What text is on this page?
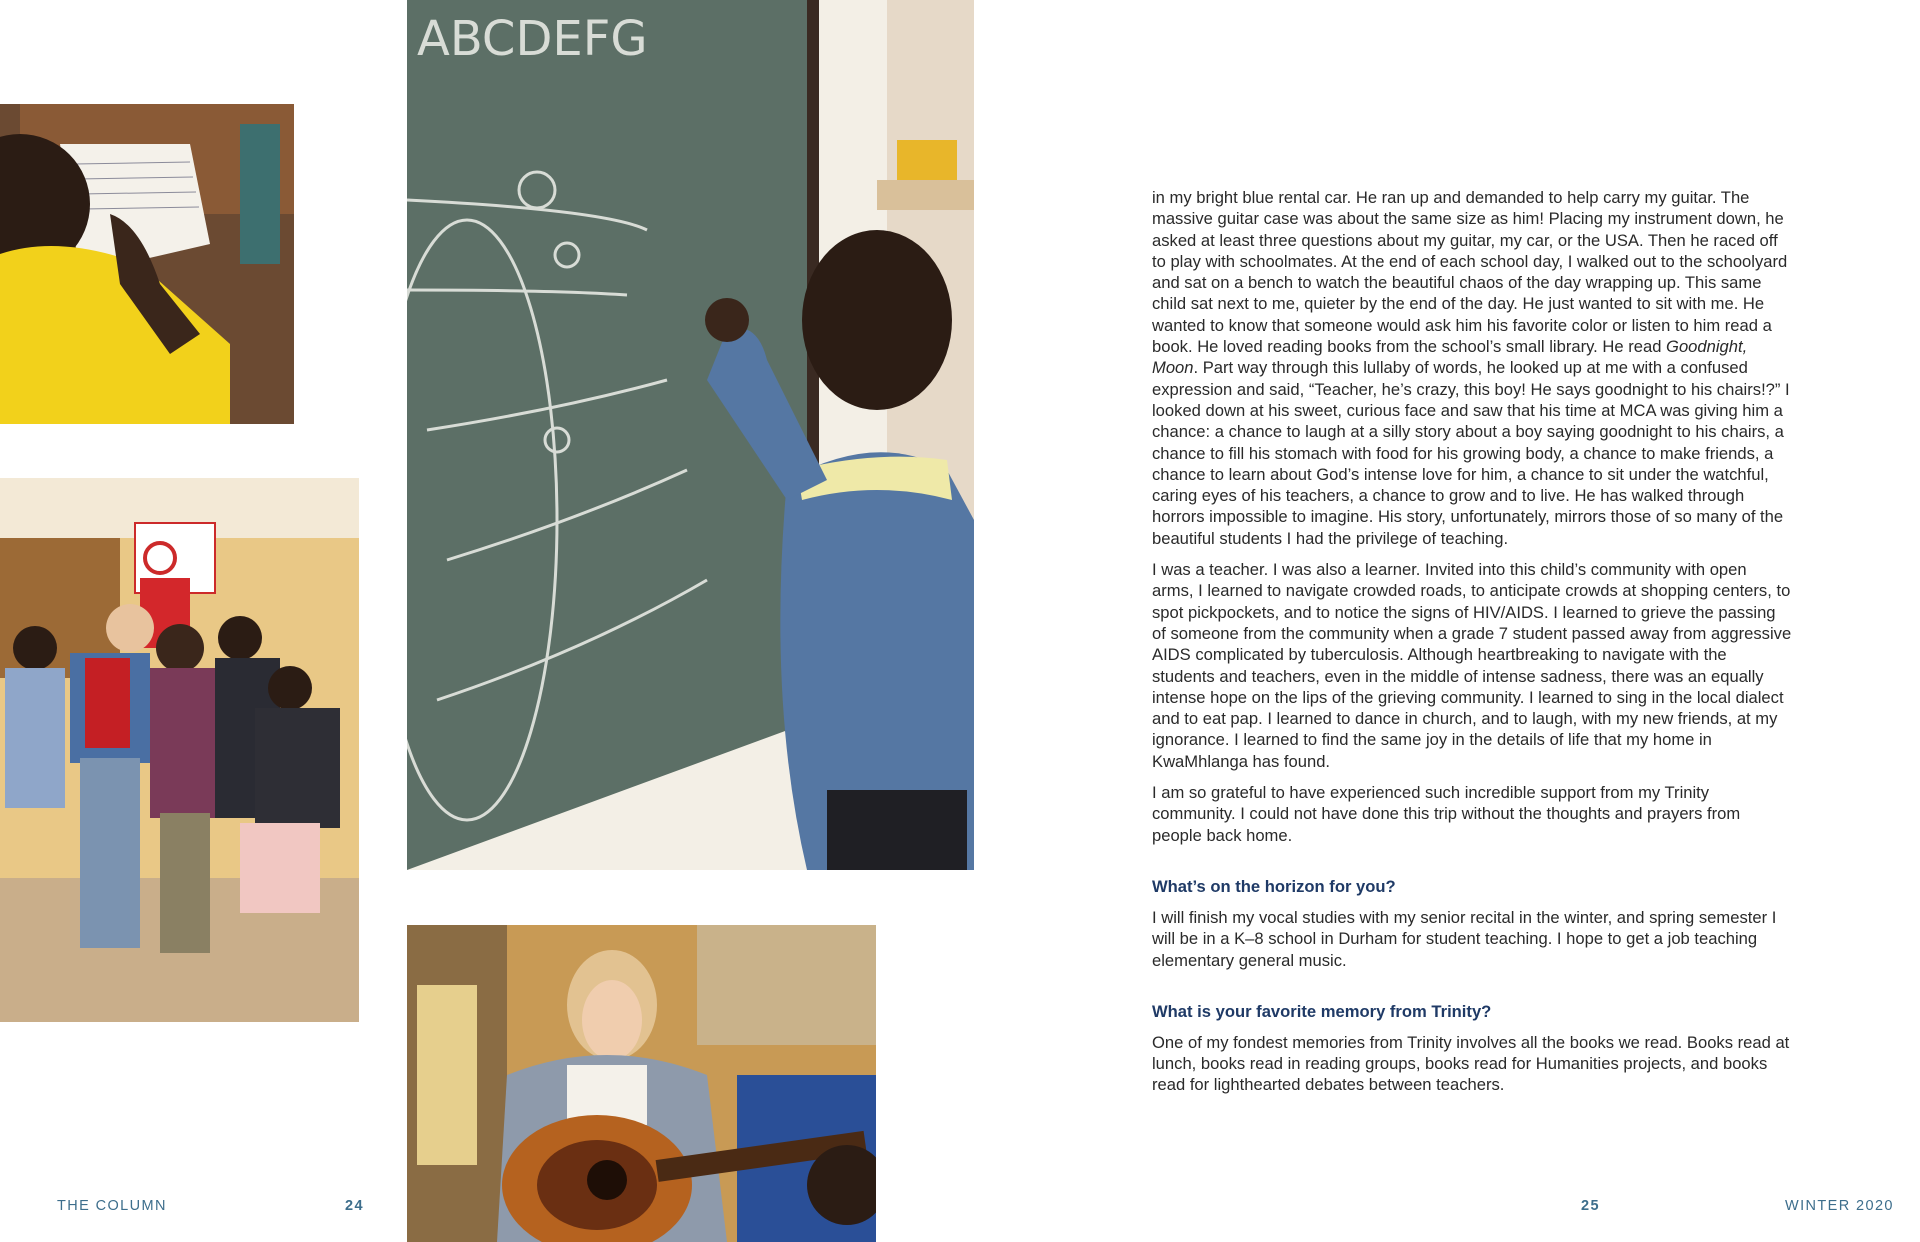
ABCDEFG

in my bright blue rental car. He ran up and demanded to help carry my guitar. The massive guitar case was about the same size as him! Placing my instrument down, he asked at least three questions about my guitar, my car, or the USA. Then he raced off to play with schoolmates. At the end of each school day, I walked out to the schoolyard and sat on a bench to watch the beautiful chaos of the day wrapping up. This same child sat next to me, quieter by the end of the day. He just wanted to sit with me. He wanted to know that someone would ask him his favorite color or listen to him read a book. He loved reading books from the school’s small library. He read Goodnight, Moon. Part way through this lullaby of words, he looked up at me with a confused expression and said, “Teacher, he’s crazy, this boy! He says goodnight to his chairs!?” I looked down at his sweet, curious face and saw that his time at MCA was giving him a chance: a chance to laugh at a silly story about a boy saying goodnight to his chairs, a chance to fill his stomach with food for his growing body, a chance to make friends, a chance to learn about God’s intense love for him, a chance to sit under the watchful, caring eyes of his teachers, a chance to grow and to live. He has walked through horrors impossible to imagine. His story, unfortunately, mirrors those of so many of the beautiful students I had the privilege of teaching.

I was a teacher. I was also a learner. Invited into this child’s community with open arms, I learned to navigate crowded roads, to anticipate crowds at shopping centers, to spot pickpockets, and to notice the signs of HIV/AIDS. I learned to grieve the passing of someone from the community when a grade 7 student passed away from aggressive AIDS complicated by tuberculosis. Although heartbreaking to navigate with the students and teachers, even in the middle of intense sadness, there was an equally intense hope on the lips of the grieving community. I learned to sing in the local dialect and to eat pap. I learned to dance in church, and to laugh, with my new friends, at my ignorance. I learned to find the same joy in the details of life that my home in KwaMhlanga has found.

I am so grateful to have experienced such incredible support from my Trinity community. I could not have done this trip without the thoughts and prayers from people back home.

What’s on the horizon for you?

I will finish my vocal studies with my senior recital in the winter, and spring semester I will be in a K–8 school in Durham for student teaching. I hope to get a job teaching elementary general music.

What is your favorite memory from Trinity?

One of my fondest memories from Trinity involves all the books we read. Books read at lunch, books read in reading groups, books read for Humanities projects, and books read for lighthearted debates between teachers.

THE COLUMN	24	25	WINTER 2020
